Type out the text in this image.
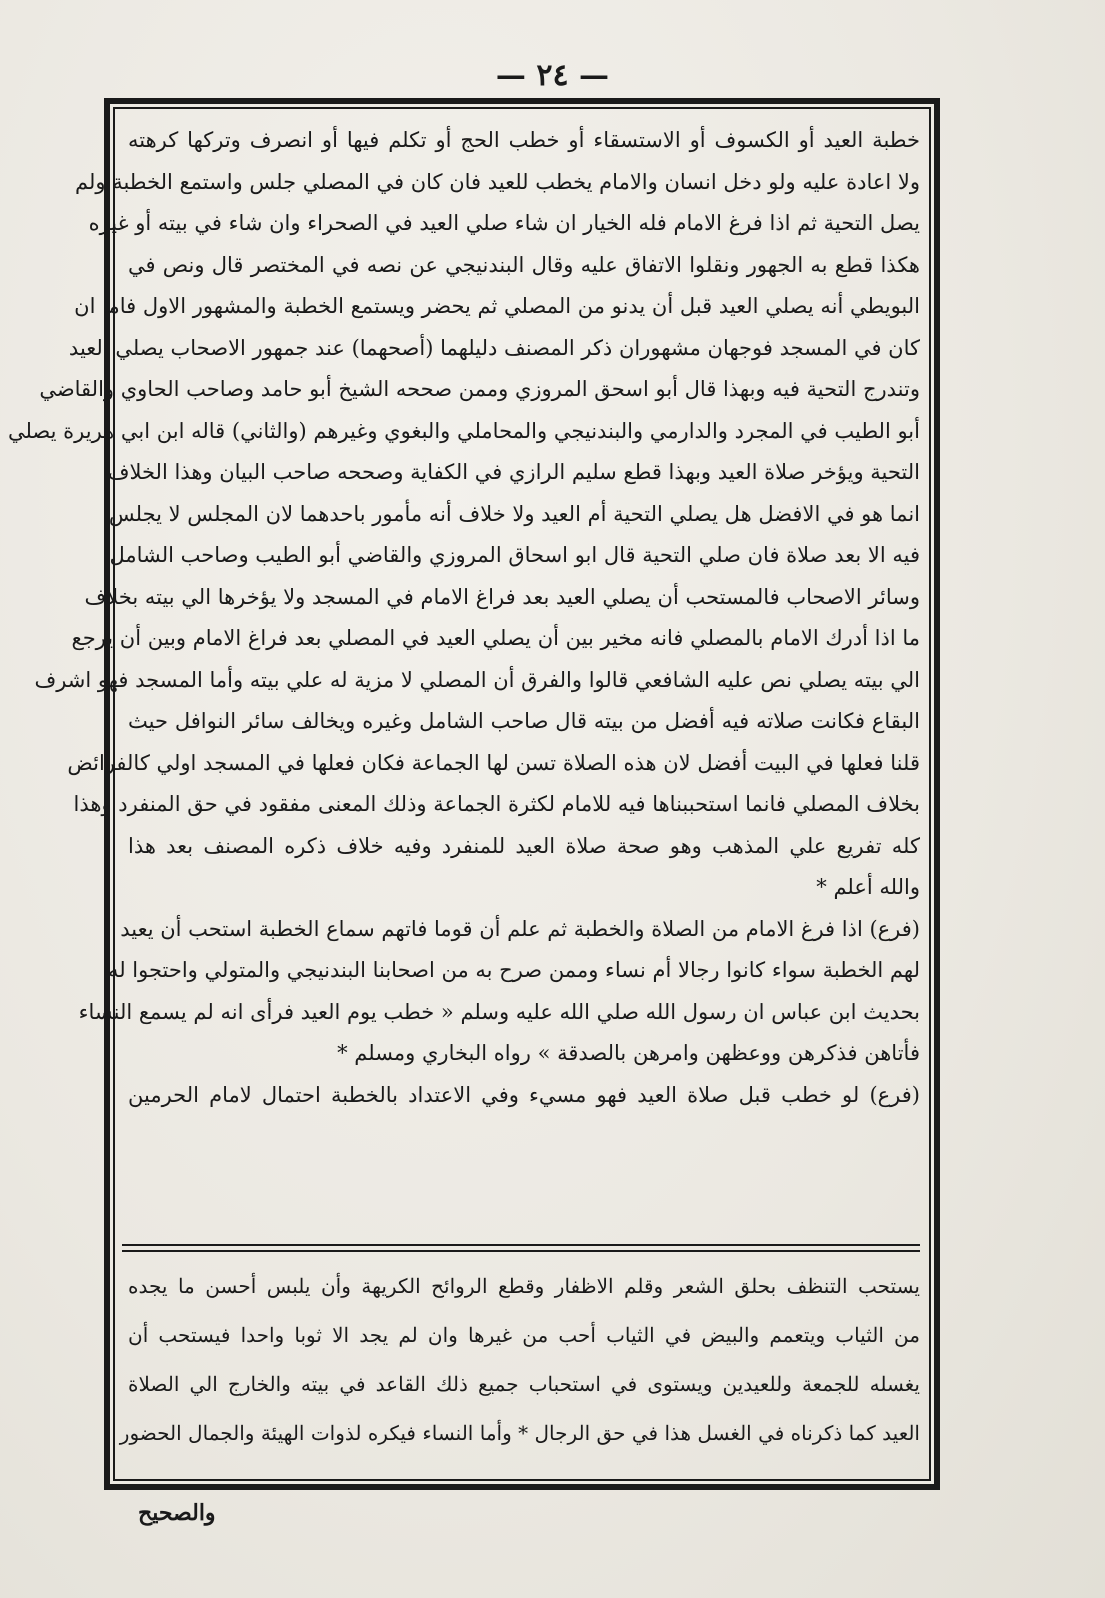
— ٢٤ —
خطبة العيد أو الكسوف أو الاستسقاء أو خطب الحج أو تكلم فيها أو انصرف وتركها كرهته
ولا اعادة عليه ولو دخل انسان والامام يخطب للعيد فان كان في المصلي جلس واستمع الخطبة ولم
يصل التحية ثم اذا فرغ الامام فله الخيار ان شاء صلي العيد في الصحراء وان شاء في بيته أو غيره
هكذا قطع به الجهور ونقلوا الاتفاق عليه وقال البندنيجي عن نصه في المختصر قال ونص في
البويطي أنه يصلي العيد قبل أن يدنو من المصلي ثم يحضر ويستمع الخطبة والمشهور الاول فاما ان
كان في المسجد فوجهان مشهوران ذكر المصنف دليلهما (أصحهما) عند جمهور الاصحاب يصلي العيد
وتندرج التحية فيه وبهذا قال أبو اسحق المروزي وممن صححه الشيخ أبو حامد وصاحب الحاوي والقاضي
أبو الطيب في المجرد والدارمي والبندنيجي والمحاملي والبغوي وغيرهم (والثاني) قاله ابن ابي هريرة يصلي
التحية ويؤخر صلاة العيد وبهذا قطع سليم الرازي في الكفاية وصححه صاحب البيان وهذا الخلاف
انما هو في الافضل هل يصلي التحية أم العيد ولا خلاف أنه مأمور باحدهما لان المجلس لا يجلس
فيه الا بعد صلاة فان صلي التحية قال ابو اسحاق المروزي والقاضي أبو الطيب وصاحب الشامل
وسائر الاصحاب فالمستحب أن يصلي العيد بعد فراغ الامام في المسجد ولا يؤخرها الي بيته بخلاف
ما اذا أدرك الامام بالمصلي فانه مخير بين أن يصلي العيد في المصلي بعد فراغ الامام وبين أن يرجع
الي بيته يصلي نص عليه الشافعي قالوا والفرق أن المصلي لا مزية له علي بيته وأما المسجد فهو اشرف
البقاع فكانت صلاته فيه أفضل من بيته قال صاحب الشامل وغيره ويخالف سائر النوافل حيث
قلنا فعلها في البيت أفضل لان هذه الصلاة تسن لها الجماعة فكان فعلها في المسجد اولي كالفرائض
بخلاف المصلي فانما استحببناها فيه للامام لكثرة الجماعة وذلك المعنى مفقود في حق المنفرد وهذا
كله تفريع علي المذهب وهو صحة صلاة العيد للمنفرد وفيه خلاف ذكره المصنف بعد هذا
والله أعلم *
(فرع) اذا فرغ الامام من الصلاة والخطبة ثم علم أن قوما فاتهم سماع الخطبة استحب أن يعيد
لهم الخطبة سواء كانوا رجالا أم نساء وممن صرح به من اصحابنا البندنيجي والمتولي واحتجوا له
بحديث ابن عباس ان رسول الله صلي الله عليه وسلم « خطب يوم العيد فرأى انه لم يسمع النساء
فأتاهن فذكرهن ووعظهن وامرهن بالصدقة » رواه البخاري ومسلم *
(فرع) لو خطب قبل صلاة العيد فهو مسيء وفي الاعتداد بالخطبة احتمال لامام الحرمين
يستحب التنظف بحلق الشعر وقلم الاظفار وقطع الروائح الكريهة وأن يلبس أحسن ما يجده
من الثياب ويتعمم والبيض في الثياب أحب من غيرها وان لم يجد الا ثوبا واحدا فيستحب أن
يغسله للجمعة وللعيدين ويستوى في استحباب جميع ذلك القاعد في بيته والخارج الي الصلاة
العيد كما ذكرناه في الغسل هذا في حق الرجال * وأما النساء فيكره لذوات الهيئة والجمال الحضور
والصحيح
